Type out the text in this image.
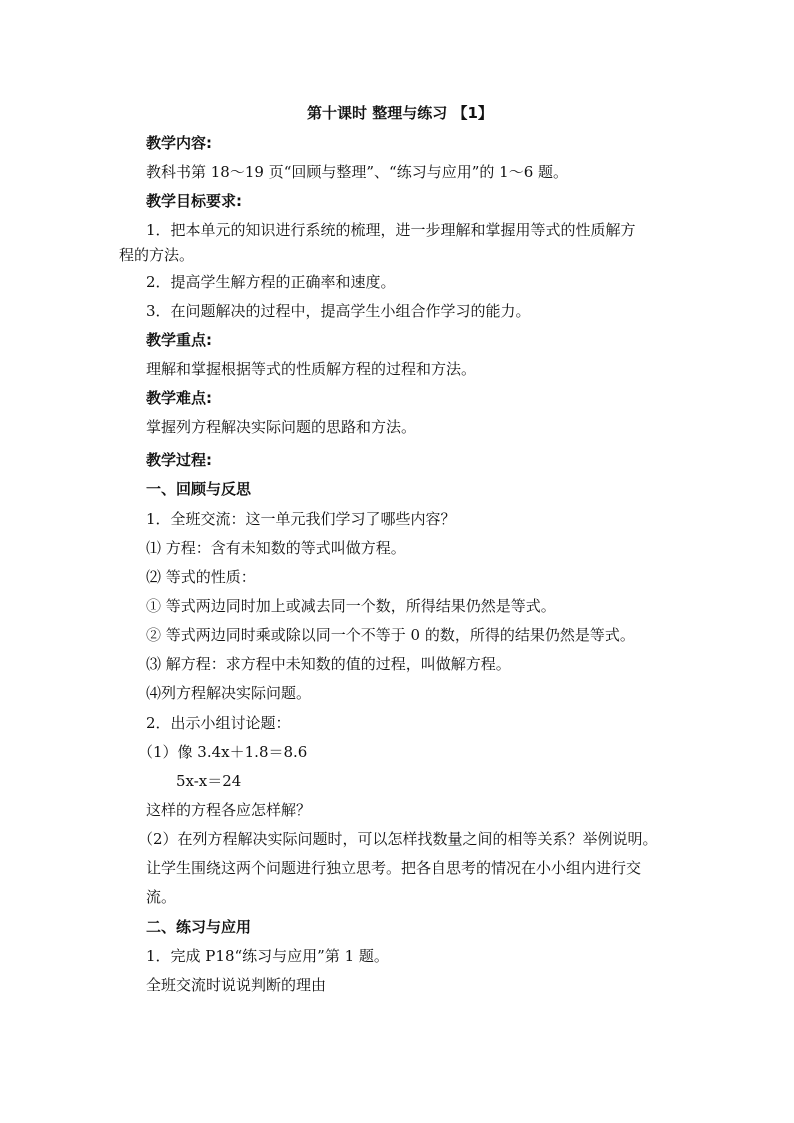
第十课时 整理与练习 【1】
教学内容:
教科书第 18～19 页“回顾与整理”、“练习与应用”的 1～6 题。
教学目标要求:
1．把本单元的知识进行系统的梳理，进一步理解和掌握用等式的性质解方
程的方法。
2．提高学生解方程的正确率和速度。
3．在问题解决的过程中，提高学生小组合作学习的能力。
教学重点:
理解和掌握根据等式的性质解方程的过程和方法。
教学难点:
掌握列方程解决实际问题的思路和方法。
教学过程:
一、回顾与反思
1．全班交流：这一单元我们学习了哪些内容？
⑴ 方程：含有未知数的等式叫做方程。
⑵ 等式的性质：
① 等式两边同时加上或减去同一个数，所得结果仍然是等式。
② 等式两边同时乘或除以同一个不等于 0 的数，所得的结果仍然是等式。
⑶ 解方程：求方程中未知数的值的过程，叫做解方程。
⑷列方程解决实际问题。
2．出示小组讨论题：
（1）像 3.4x＋1.8＝8.6
5x-x＝24
这样的方程各应怎样解？
（2）在列方程解决实际问题时，可以怎样找数量之间的相等关系？举例说明。
让学生围绕这两个问题进行独立思考。把各自思考的情况在小小组内进行交
流。
二、练习与应用
1．完成 P18“练习与应用”第 1 题。
全班交流时说说判断的理由
